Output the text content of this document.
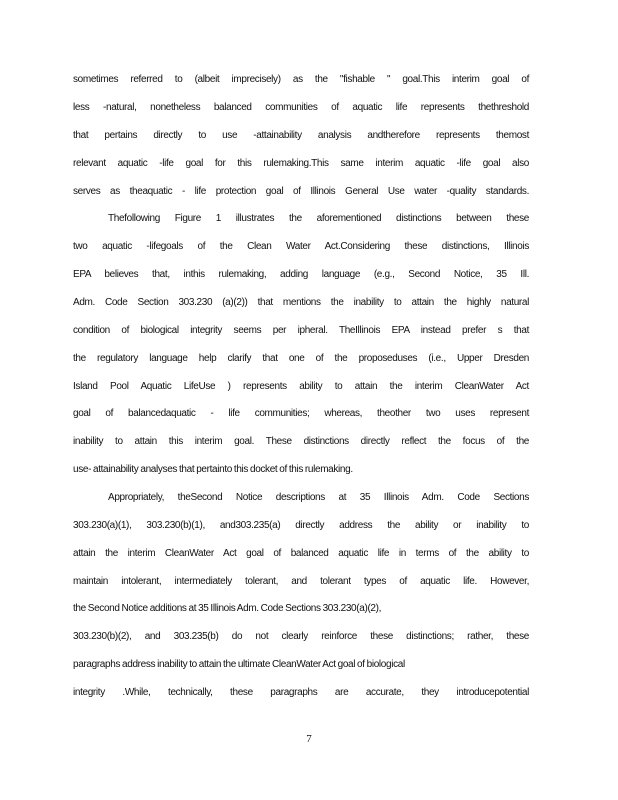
sometimes referred to (albeit imprecisely) as the "fishable " goal.This interim goal of
less -natural, nonetheless balanced communities of aquatic life represents thethreshold
that pertains directly to use -attainability analysis andtherefore represents themost
relevant aquatic -life goal for this rulemaking.This same interim aquatic -life goal also
serves as theaquatic - life protection goal of Illinois General Use water -quality standards.
Thefollowing Figure 1 illustrates the aforementioned distinctions between these
two aquatic -lifegoals of the Clean Water Act.Considering these distinctions, Illinois
EPA believes that, inthis rulemaking, adding language (e.g., Second Notice, 35 Ill.
Adm. Code Section 303.230 (a)(2)) that mentions the inability to attain the highly natural
condition of biological integrity seems per ipheral. TheIllinois EPA instead prefer s that
the regulatory language help clarify that one of the proposeduses (i.e., Upper Dresden
Island Pool Aquatic LifeUse ) represents ability to attain the interim CleanWater Act
goal of balancedaquatic - life communities; whereas, theother two uses represent
inability to attain this interim goal. These distinctions directly reflect the focus of the
use- attainability analyses that pertainto this docket of this rulemaking.
Appropriately, theSecond Notice descriptions at 35 Illinois Adm. Code Sections
303.230(a)(1), 303.230(b)(1), and303.235(a) directly address the ability or inability to
attain the interim CleanWater Act goal of balanced aquatic life in terms of the ability to
maintain intolerant, intermediately tolerant, and tolerant types of aquatic life. However,
the Second Notice additions at 35 Illinois Adm. Code Sections 303.230(a)(2),
303.230(b)(2), and 303.235(b) do not clearly reinforce these distinctions; rather, these
paragraphs address inability to attain the ultimate CleanWater Act goal of biological
integrity .While, technically, these paragraphs are accurate, they introducepotential
7
